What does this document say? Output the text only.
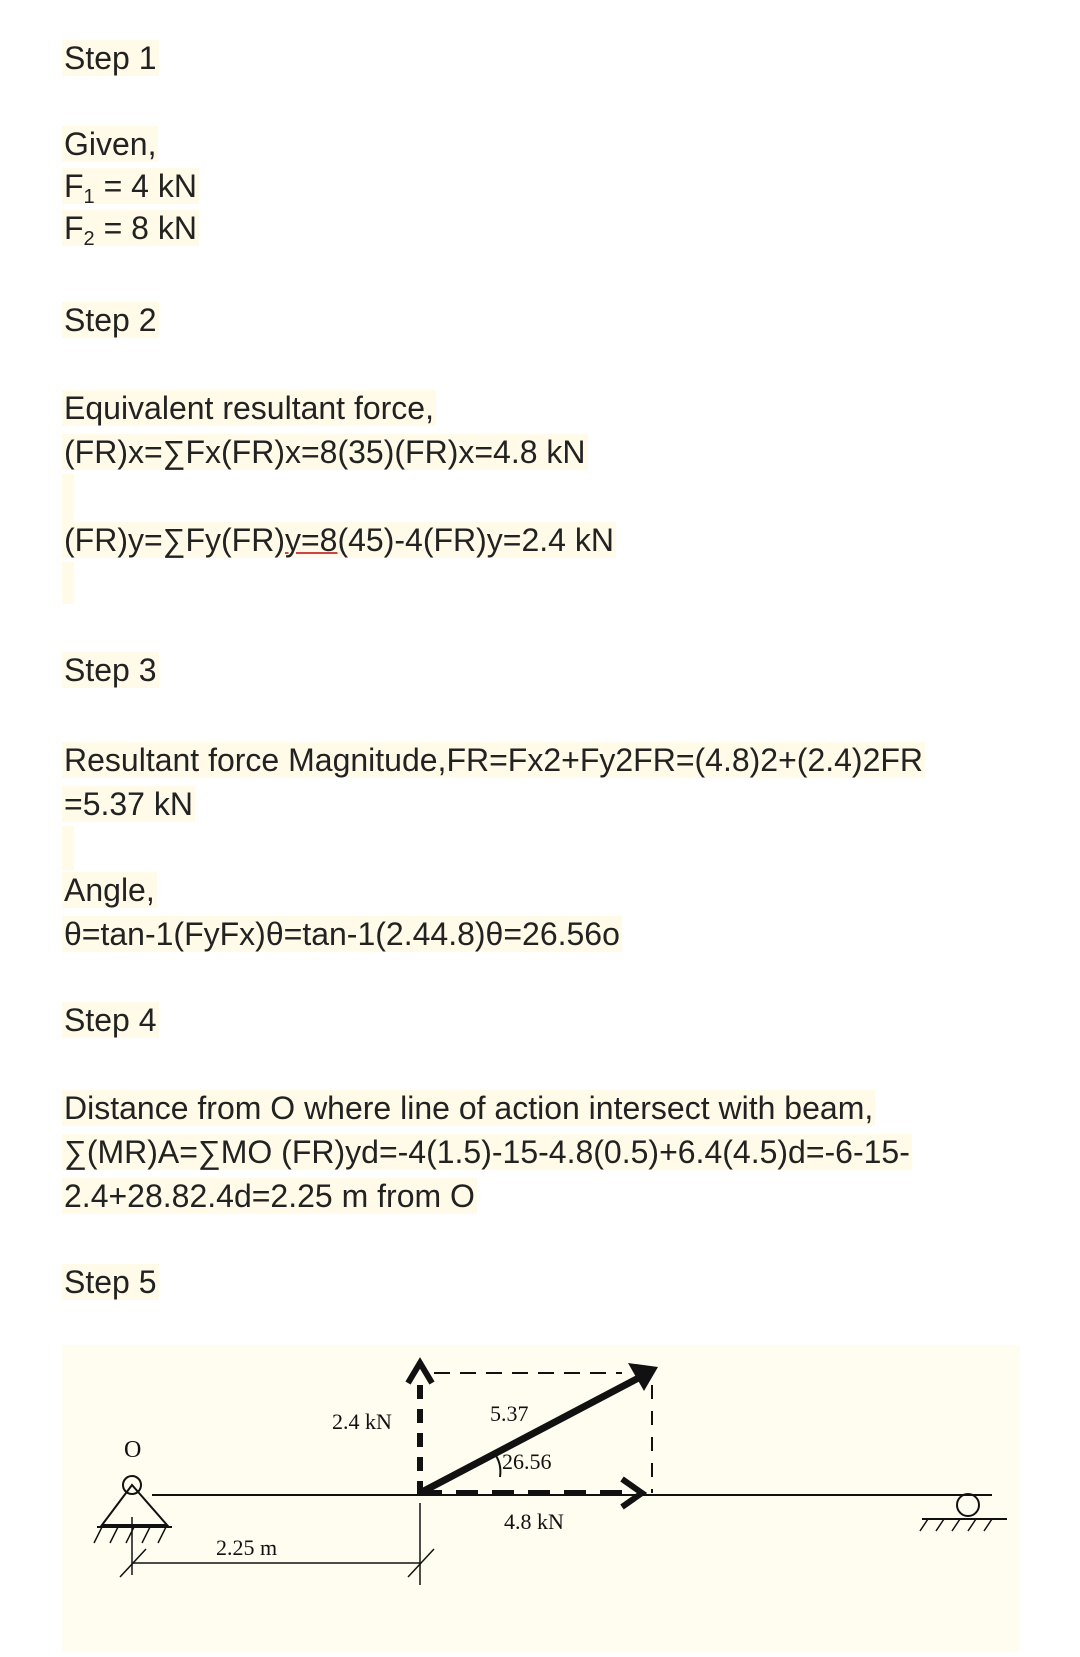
Step 1
Given,
$F_1 = 4$ kN
$F_2 = 8$ kN
Step 2
Equivalent resultant force,
(FR)x=∑Fx(FR)x=8(35)(FR)x=4.8 kN
(FR)y=∑Fy(FR)y=8(45)-4(FR)y=2.4 kN
Step 3
Resultant force Magnitude,FR=Fx2+Fy2FR=(4.8)2+(2.4)2FR
=5.37 kN
Angle,
θ=tan-1(FyFx)θ=tan-1(2.44.8)θ=26.56o
Step 4
Distance from O where line of action intersect with beam,
∑(MR)A=∑MO (FR)yd=-4(1.5)-15-4.8(0.5)+6.4(4.5)d=-6-15-
2.4+28.82.4d=2.25 m from O
Step 5
O
2.4 kN
4.8 kN
5.37
26.56
2.25 m
